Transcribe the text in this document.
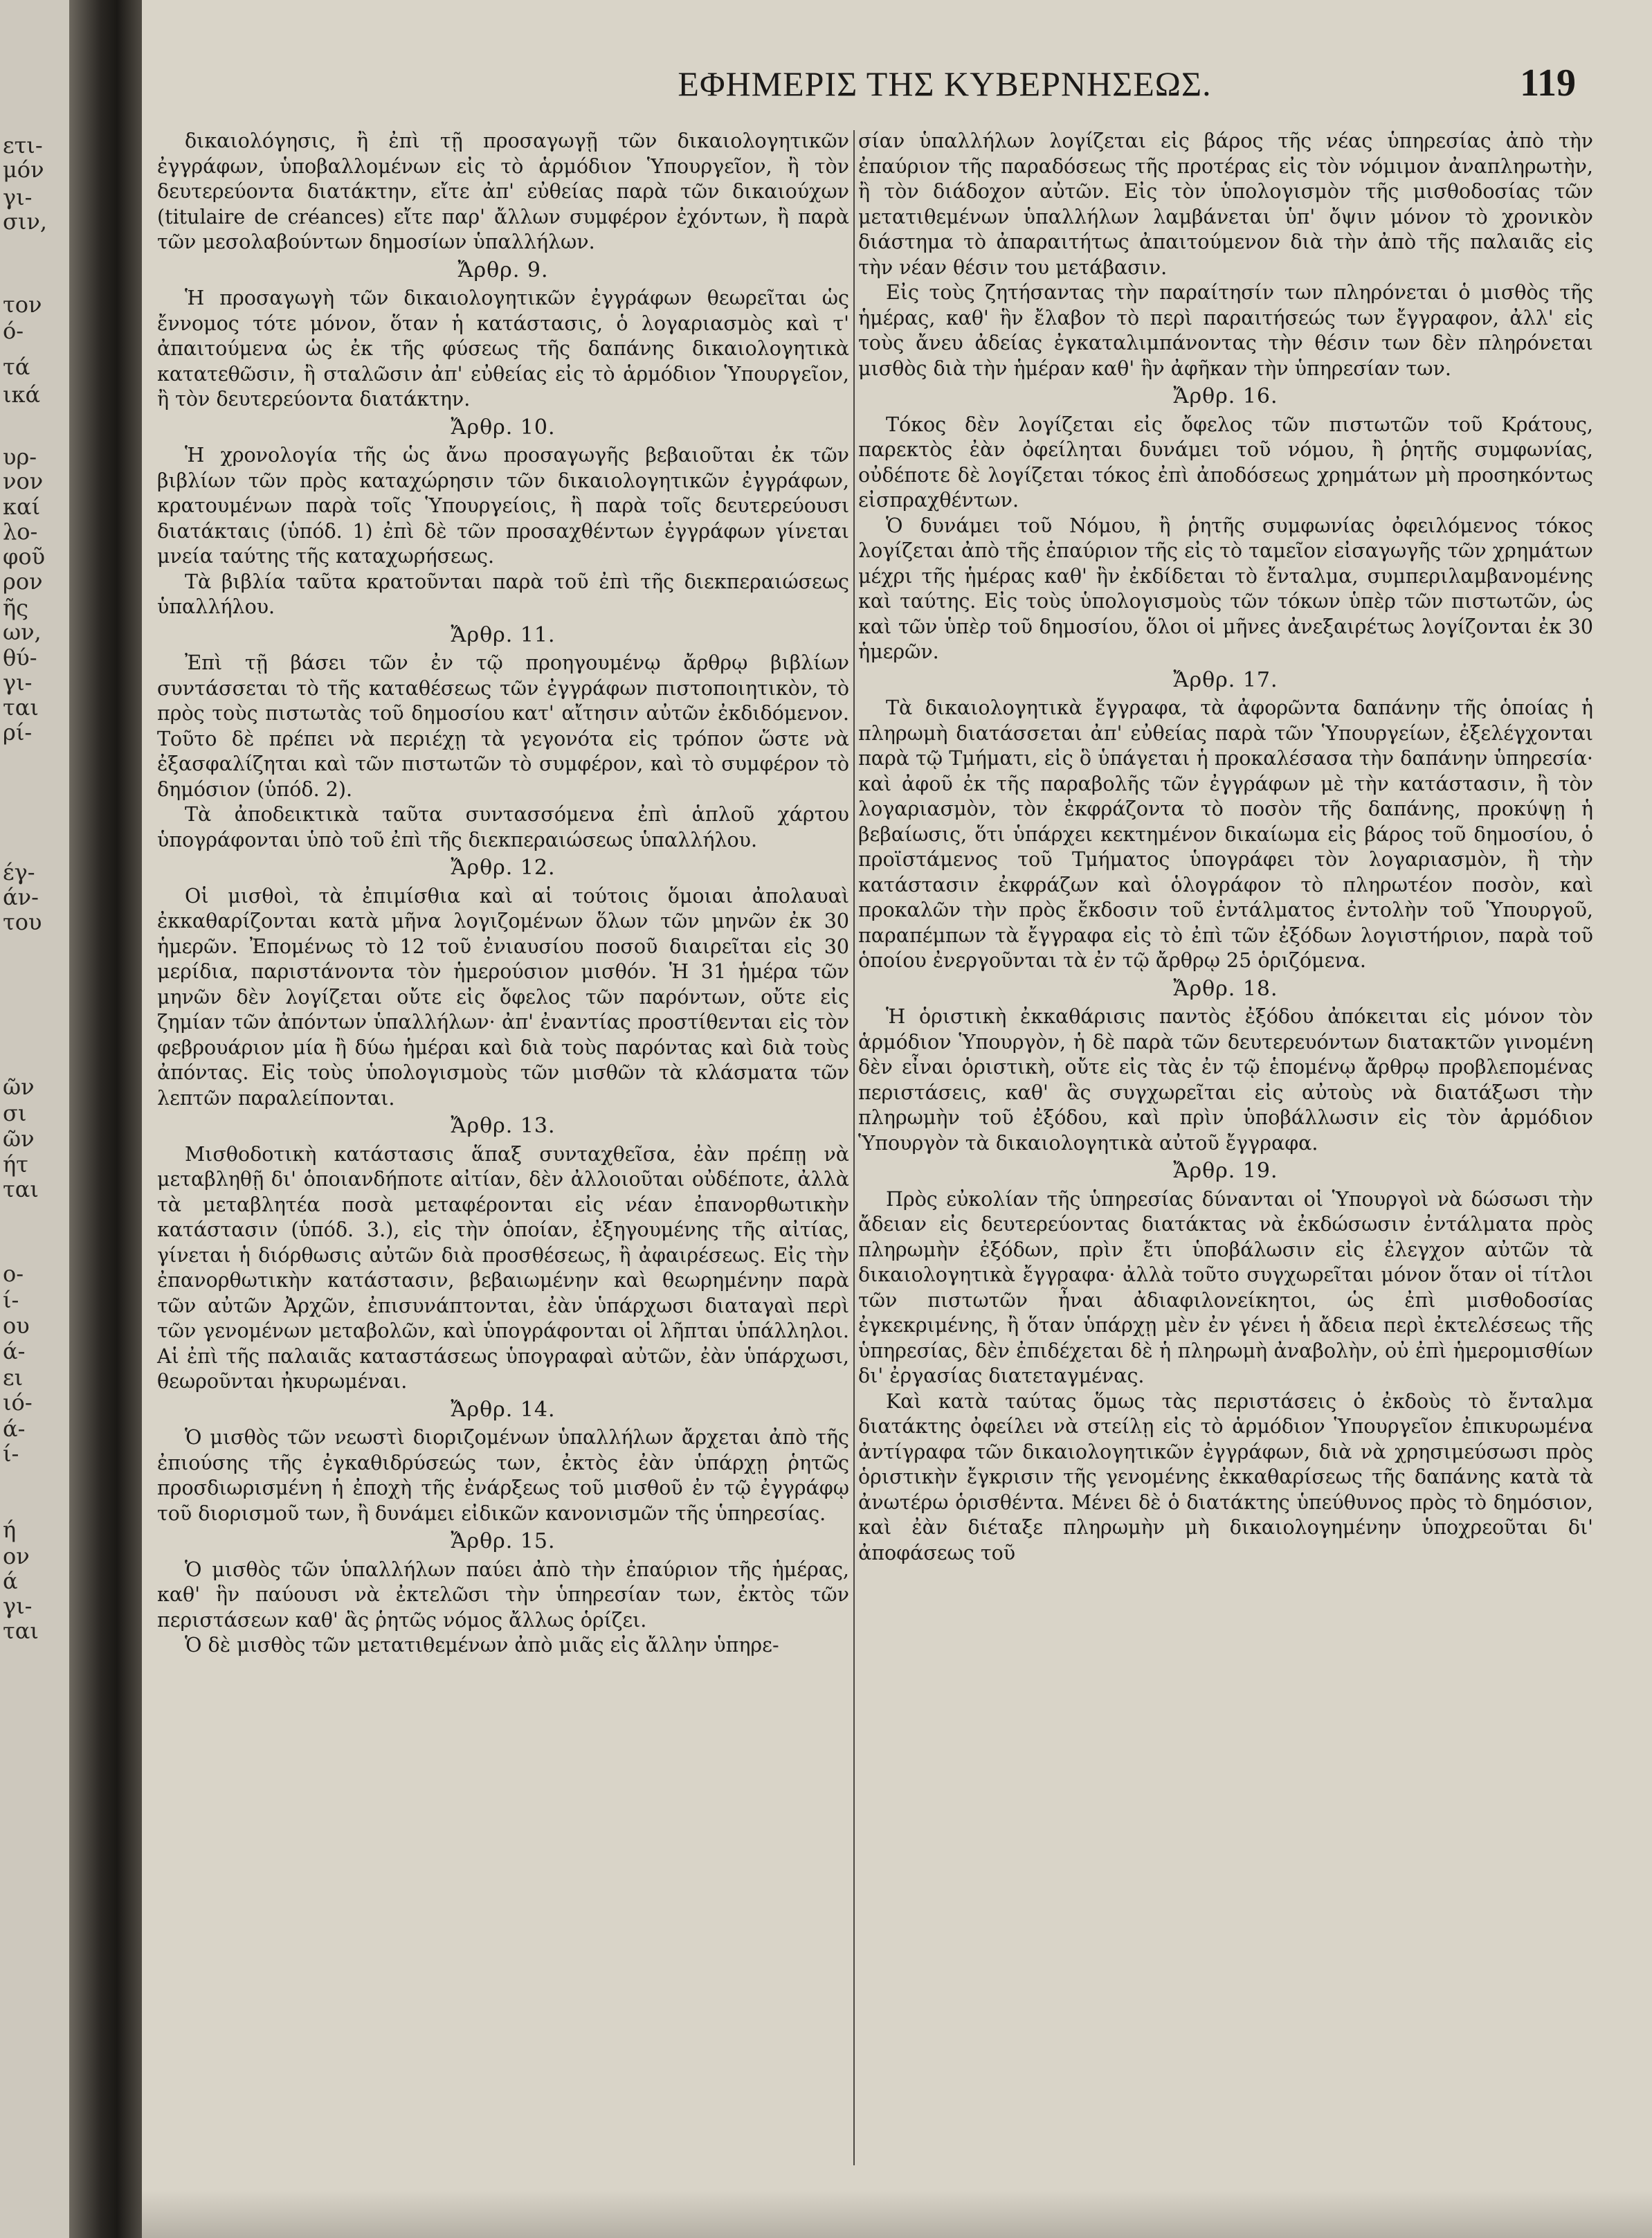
ετι-
μόν
γι-
σιν,
τον
ό-
τά
ικά
υρ-
νον
καί
λο-
φοῦ
ρον
ῆς
ων,
θύ-
γι-
ται
ρί-
έγ-
άν-
του
ῶν
σι
ῶν
ήτ
ται
ο-
ί-
ου
ά-
ει
ιό-
ά-
ί-
ή
ον
ά
γι-
ται
ΕΦΗΜΕΡΙΣ ΤΗΣ ΚΥΒΕΡΝΗΣΕΩΣ.	119

δικαιολόγησις, ἢ ἐπὶ τῇ προσαγωγῇ τῶν δικαιολογητικῶν ἐγγράφων, ὑποβαλλομένων εἰς τὸ ἁρμόδιον Ὑπουργεῖον, ἢ τὸν δευτερεύοντα διατάκτην, εἴτε ἀπ' εὐθείας παρὰ τῶν δικαιούχων (titulaire de créances) εἴτε παρ' ἄλλων συμφέρον ἐχόντων, ἢ παρὰ τῶν μεσολαβούντων δημοσίων ὑπαλλήλων.

Ἄρθρ. 9.

Ἡ προσαγωγὴ τῶν δικαιολογητικῶν ἐγγράφων θεωρεῖται ὡς ἔννομος τότε μόνον, ὅταν ἡ κατάστασις, ὁ λογαριασμὸς καὶ τ' ἀπαιτούμενα ὡς ἐκ τῆς φύσεως τῆς δαπάνης δικαιολογητικὰ κατατεθῶσιν, ἢ σταλῶσιν ἀπ' εὐθείας εἰς τὸ ἁρμόδιον Ὑπουργεῖον, ἢ τὸν δευτερεύοντα διατάκτην.

Ἄρθρ. 10.

Ἡ χρονολογία τῆς ὡς ἄνω προσαγωγῆς βεβαιοῦται ἐκ τῶν βιβλίων τῶν πρὸς καταχώρησιν τῶν δικαιολογητικῶν ἐγγράφων, κρατουμένων παρὰ τοῖς Ὑπουργείοις, ἢ παρὰ τοῖς δευτερεύουσι διατάκταις (ὑπόδ. 1) ἐπὶ δὲ τῶν προσαχθέντων ἐγγράφων γίνεται μνεία ταύτης τῆς καταχωρήσεως.

Τὰ βιβλία ταῦτα κρατοῦνται παρὰ τοῦ ἐπὶ τῆς διεκπεραιώσεως ὑπαλλήλου.

Ἄρθρ. 11.

Ἐπὶ τῇ βάσει τῶν ἐν τῷ προηγουμένῳ ἄρθρῳ βιβλίων συντάσσεται τὸ τῆς καταθέσεως τῶν ἐγγράφων πιστοποιητικὸν, τὸ πρὸς τοὺς πιστωτὰς τοῦ δημοσίου κατ' αἴτησιν αὐτῶν ἐκδιδόμενον. Τοῦτο δὲ πρέπει νὰ περιέχῃ τὰ γεγονότα εἰς τρόπον ὥστε νὰ ἐξασφαλίζηται καὶ τῶν πιστωτῶν τὸ συμφέρον, καὶ τὸ συμφέρον τὸ δημόσιον (ὑπόδ. 2).

Τὰ ἀποδεικτικὰ ταῦτα συντασσόμενα ἐπὶ ἁπλοῦ χάρτου ὑπογράφονται ὑπὸ τοῦ ἐπὶ τῆς διεκπεραιώσεως ὑπαλλήλου.

Ἄρθρ. 12.

Οἱ μισθοὶ, τὰ ἐπιμίσθια καὶ αἱ τούτοις ὅμοιαι ἀπολαυαὶ ἐκκαθαρίζονται κατὰ μῆνα λογιζομένων ὅλων τῶν μηνῶν ἐκ 30 ἡμερῶν. Ἐπομένως τὸ 12 τοῦ ἐνιαυσίου ποσοῦ διαιρεῖται εἰς 30 μερίδια, παριστάνοντα τὸν ἡμερούσιον μισθόν. Ἡ 31 ἡμέρα τῶν μηνῶν δὲν λογίζεται οὔτε εἰς ὄφελος τῶν παρόντων, οὔτε εἰς ζημίαν τῶν ἀπόντων ὑπαλλήλων· ἀπ' ἐναντίας προστίθενται εἰς τὸν φεβρουάριον μία ἢ δύω ἡμέραι καὶ διὰ τοὺς παρόντας καὶ διὰ τοὺς ἀπόντας. Εἰς τοὺς ὑπολογισμοὺς τῶν μισθῶν τὰ κλάσματα τῶν λεπτῶν παραλείπονται.

Ἄρθρ. 13.

Μισθοδοτικὴ κατάστασις ἅπαξ συνταχθεῖσα, ἐὰν πρέπῃ νὰ μεταβληθῇ δι' ὁποιανδήποτε αἰτίαν, δὲν ἀλλοιοῦται οὐδέποτε, ἀλλὰ τὰ μεταβλητέα ποσὰ μεταφέρονται εἰς νέαν ἐπανορθωτικὴν κατάστασιν (ὑπόδ. 3.), εἰς τὴν ὁποίαν, ἐξηγουμένης τῆς αἰτίας, γίνεται ἡ διόρθωσις αὐτῶν διὰ προσθέσεως, ἢ ἀφαιρέσεως. Εἰς τὴν ἐπανορθωτικὴν κατάστασιν, βεβαιωμένην καὶ θεωρημένην παρὰ τῶν αὐτῶν Ἀρχῶν, ἐπισυνάπτονται, ἐὰν ὑπάρχωσι διαταγαὶ περὶ τῶν γενομένων μεταβολῶν, καὶ ὑπογράφονται οἱ λῆπται ὑπάλληλοι. Αἱ ἐπὶ τῆς παλαιᾶς καταστάσεως ὑπογραφαὶ αὐτῶν, ἐὰν ὑπάρχωσι, θεωροῦνται ἠκυρωμέναι.

Ἄρθρ. 14.

Ὁ μισθὸς τῶν νεωστὶ διοριζομένων ὑπαλλήλων ἄρχεται ἀπὸ τῆς ἐπιούσης τῆς ἐγκαθιδρύσεώς των, ἐκτὸς ἐὰν ὑπάρχῃ ῥητῶς προσδιωρισμένη ἡ ἐποχὴ τῆς ἐνάρξεως τοῦ μισθοῦ ἐν τῷ ἐγγράφῳ τοῦ διορισμοῦ των, ἢ δυνάμει εἰδικῶν κανονισμῶν τῆς ὑπηρεσίας.

Ἄρθρ. 15.

Ὁ μισθὸς τῶν ὑπαλλήλων παύει ἀπὸ τὴν ἐπαύριον τῆς ἡμέρας, καθ' ἣν παύουσι νὰ ἐκτελῶσι τὴν ὑπηρεσίαν των, ἐκτὸς τῶν περιστάσεων καθ' ἃς ῥητῶς νόμος ἄλλως ὁρίζει.

Ὁ δὲ μισθὸς τῶν μετατιθεμένων ἀπὸ μιᾶς εἰς ἄλλην ὑπηρε-

σίαν ὑπαλλήλων λογίζεται εἰς βάρος τῆς νέας ὑπηρεσίας ἀπὸ τὴν ἐπαύριον τῆς παραδόσεως τῆς προτέρας εἰς τὸν νόμιμον ἀναπληρωτὴν, ἢ τὸν διάδοχον αὐτῶν. Εἰς τὸν ὑπολογισμὸν τῆς μισθοδοσίας τῶν μετατιθεμένων ὑπαλλήλων λαμβάνεται ὑπ' ὄψιν μόνον τὸ χρονικὸν διάστημα τὸ ἀπαραιτήτως ἀπαιτούμενον διὰ τὴν ἀπὸ τῆς παλαιᾶς εἰς τὴν νέαν θέσιν του μετάβασιν.

Εἰς τοὺς ζητήσαντας τὴν παραίτησίν των πληρόνεται ὁ μισθὸς τῆς ἡμέρας, καθ' ἣν ἔλαβον τὸ περὶ παραιτήσεώς των ἔγγραφον, ἀλλ' εἰς τοὺς ἄνευ ἀδείας ἐγκαταλιμπάνοντας τὴν θέσιν των δὲν πληρόνεται μισθὸς διὰ τὴν ἡμέραν καθ' ἣν ἀφῆκαν τὴν ὑπηρεσίαν των.

Ἄρθρ. 16.

Τόκος δὲν λογίζεται εἰς ὄφελος τῶν πιστωτῶν τοῦ Κράτους, παρεκτὸς ἐὰν ὀφείληται δυνάμει τοῦ νόμου, ἢ ῥητῆς συμφωνίας, οὐδέποτε δὲ λογίζεται τόκος ἐπὶ ἀποδόσεως χρημάτων μὴ προσηκόντως εἰσπραχθέντων.

Ὁ δυνάμει τοῦ Νόμου, ἢ ῥητῆς συμφωνίας ὀφειλόμενος τόκος λογίζεται ἀπὸ τῆς ἐπαύριον τῆς εἰς τὸ ταμεῖον εἰσαγωγῆς τῶν χρημάτων μέχρι τῆς ἡμέρας καθ' ἣν ἐκδίδεται τὸ ἔνταλμα, συμπεριλαμβανομένης καὶ ταύτης. Εἰς τοὺς ὑπολογισμοὺς τῶν τόκων ὑπὲρ τῶν πιστωτῶν, ὡς καὶ τῶν ὑπὲρ τοῦ δημοσίου, ὅλοι οἱ μῆνες ἀνεξαιρέτως λογίζονται ἐκ 30 ἡμερῶν.

Ἄρθρ. 17.

Τὰ δικαιολογητικὰ ἔγγραφα, τὰ ἀφορῶντα δαπάνην τῆς ὁποίας ἡ πληρωμὴ διατάσσεται ἀπ' εὐθείας παρὰ τῶν Ὑπουργείων, ἐξελέγχονται παρὰ τῷ Τμήματι, εἰς ὃ ὑπάγεται ἡ προκαλέσασα τὴν δαπάνην ὑπηρεσία· καὶ ἀφοῦ ἐκ τῆς παραβολῆς τῶν ἐγγράφων μὲ τὴν κατάστασιν, ἢ τὸν λογαριασμὸν, τὸν ἐκφράζοντα τὸ ποσὸν τῆς δαπάνης, προκύψῃ ἡ βεβαίωσις, ὅτι ὑπάρχει κεκτημένον δικαίωμα εἰς βάρος τοῦ δημοσίου, ὁ προϊστάμενος τοῦ Τμήματος ὑπογράφει τὸν λογαριασμὸν, ἢ τὴν κατάστασιν ἐκφράζων καὶ ὁλογράφον τὸ πληρωτέον ποσὸν, καὶ προκαλῶν τὴν πρὸς ἔκδοσιν τοῦ ἐντάλματος ἐντολὴν τοῦ Ὑπουργοῦ, παραπέμπων τὰ ἔγγραφα εἰς τὸ ἐπὶ τῶν ἐξόδων λογιστήριον, παρὰ τοῦ ὁποίου ἐνεργοῦνται τὰ ἐν τῷ ἄρθρῳ 25 ὁριζόμενα.

Ἄρθρ. 18.

Ἡ ὁριστικὴ ἐκκαθάρισις παντὸς ἐξόδου ἀπόκειται εἰς μόνον τὸν ἁρμόδιον Ὑπουργὸν, ἡ δὲ παρὰ τῶν δευτερευόντων διατακτῶν γινομένη δὲν εἶναι ὁριστικὴ, οὔτε εἰς τὰς ἐν τῷ ἑπομένῳ ἄρθρῳ προβλεπομένας περιστάσεις, καθ' ἃς συγχωρεῖται εἰς αὐτοὺς νὰ διατάξωσι τὴν πληρωμὴν τοῦ ἐξόδου, καὶ πρὶν ὑποβάλλωσιν εἰς τὸν ἁρμόδιον Ὑπουργὸν τὰ δικαιολογητικὰ αὐτοῦ ἔγγραφα.

Ἄρθρ. 19.

Πρὸς εὐκολίαν τῆς ὑπηρεσίας δύνανται οἱ Ὑπουργοὶ νὰ δώσωσι τὴν ἄδειαν εἰς δευτερεύοντας διατάκτας νὰ ἐκδώσωσιν ἐντάλματα πρὸς πληρωμὴν ἐξόδων, πρὶν ἔτι ὑποβάλωσιν εἰς ἐλεγχον αὐτῶν τὰ δικαιολογητικὰ ἔγγραφα· ἀλλὰ τοῦτο συγχωρεῖται μόνον ὅταν οἱ τίτλοι τῶν πιστωτῶν ἦναι ἀδιαφιλονείκητοι, ὡς ἐπὶ μισθοδοσίας ἐγκεκριμένης, ἢ ὅταν ὑπάρχῃ μὲν ἐν γένει ἡ ἄδεια περὶ ἐκτελέσεως τῆς ὑπηρεσίας, δὲν ἐπιδέχεται δὲ ἡ πληρωμὴ ἀναβολὴν, οὐ ἐπὶ ἡμερομισθίων δι' ἐργασίας διατεταγμένας.

Καὶ κατὰ ταύτας ὅμως τὰς περιστάσεις ὁ ἐκδοὺς τὸ ἔνταλμα διατάκτης ὀφείλει νὰ στείλῃ εἰς τὸ ἁρμόδιον Ὑπουργεῖον ἐπικυρωμένα ἀντίγραφα τῶν δικαιολογητικῶν ἐγγράφων, διὰ νὰ χρησιμεύσωσι πρὸς ὁριστικὴν ἔγκρισιν τῆς γενομένης ἐκκαθαρίσεως τῆς δαπάνης κατὰ τὰ ἀνωτέρω ὁρισθέντα. Μένει δὲ ὁ διατάκτης ὑπεύθυνος πρὸς τὸ δημόσιον, καὶ ἐὰν διέταξε πληρωμὴν μὴ δικαιολογημένην ὑποχρεοῦται δι' ἀποφάσεως τοῦ
